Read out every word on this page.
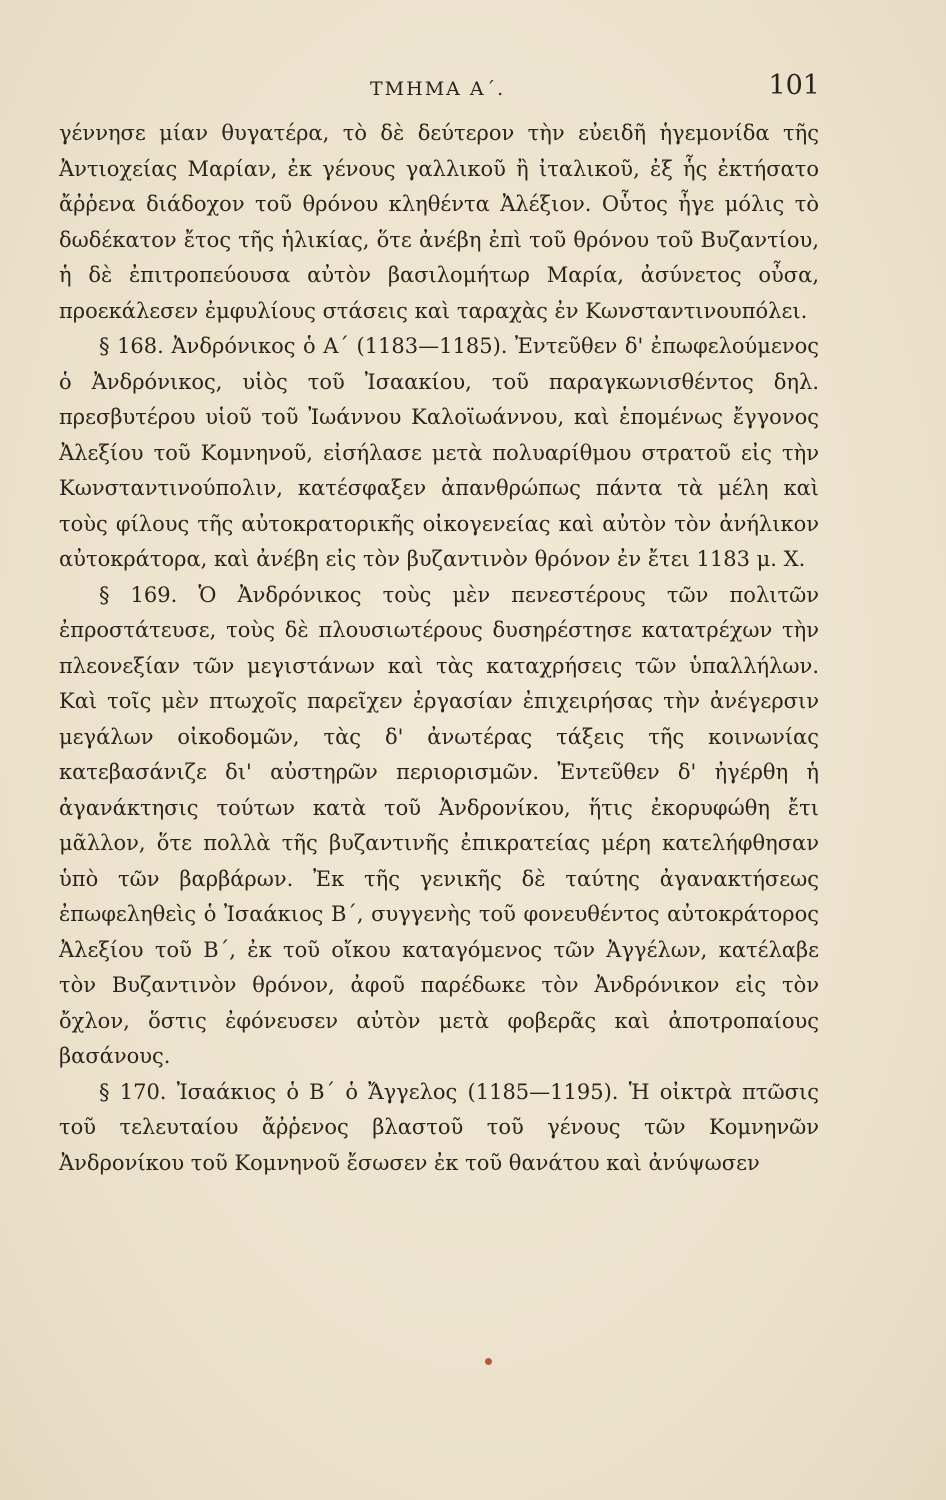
ΤΜΗΜΑ Α΄.	101

γέννησε μίαν θυγατέρα, τὸ δὲ δεύτερον τὴν εὐειδῆ ἡγεμονίδα τῆς Ἀντιοχείας Μαρίαν, ἐκ γένους γαλλικοῦ ἢ ἰταλικοῦ, ἐξ ἧς ἐκτήσατο ἄῤῥενα διάδοχον τοῦ θρόνου κληθέντα Ἀλέξιον. Οὗτος ἦγε μόλις τὸ δωδέκατον ἔτος τῆς ἡλικίας, ὅτε ἀνέβη ἐπὶ τοῦ θρόνου τοῦ Βυζαντίου, ἡ δὲ ἐπιτροπεύουσα αὐτὸν βασιλομήτωρ Μαρία, ἀσύνετος οὖσα, προεκάλεσεν ἐμφυλίους στάσεις καὶ ταραχὰς ἐν Κωνσταντινουπόλει.

§ 168. Ἀνδρόνικος ὁ Α΄ (1183—1185). Ἐντεῦθεν δ' ἐπωφελούμενος ὁ Ἀνδρόνικος, υἱὸς τοῦ Ἰσαακίου, τοῦ παραγκωνισθέντος δηλ. πρεσβυτέρου υἱοῦ τοῦ Ἰωάννου Καλοϊωάννου, καὶ ἑπομένως ἔγγονος Ἀλεξίου τοῦ Κομνηνοῦ, εἰσήλασε μετὰ πολυαρίθμου στρατοῦ εἰς τὴν Κωνσταντινούπολιν, κατέσφαξεν ἀπανθρώπως πάντα τὰ μέλη καὶ τοὺς φίλους τῆς αὐτοκρατορικῆς οἰκογενείας καὶ αὐτὸν τὸν ἀνήλικον αὐτοκράτορα, καὶ ἀνέβη εἰς τὸν βυζαντινὸν θρόνον ἐν ἔτει 1183 μ. Χ.

§ 169. Ὁ Ἀνδρόνικος τοὺς μὲν πενεστέρους τῶν πολιτῶν ἐπροστάτευσε, τοὺς δὲ πλουσιωτέρους δυσηρέστησε κατατρέχων τὴν πλεονεξίαν τῶν μεγιστάνων καὶ τὰς καταχρήσεις τῶν ὑπαλλήλων. Καὶ τοῖς μὲν πτωχοῖς παρεῖχεν ἐργασίαν ἐπιχειρήσας τὴν ἀνέγερσιν μεγάλων οἰκοδομῶν, τὰς δ' ἀνωτέρας τάξεις τῆς κοινωνίας κατεβασάνιζε δι' αὐστηρῶν περιορισμῶν. Ἐντεῦθεν δ' ἠγέρθη ἡ ἀγανάκτησις τούτων κατὰ τοῦ Ἀνδρονίκου, ἥτις ἐκορυφώθη ἔτι μᾶλλον, ὅτε πολλὰ τῆς βυζαντινῆς ἐπικρατείας μέρη κατελήφθησαν ὑπὸ τῶν βαρβάρων. Ἐκ τῆς γενικῆς δὲ ταύτης ἀγανακτήσεως ἐπωφεληθεὶς ὁ Ἰσαάκιος Β΄, συγγενὴς τοῦ φονευθέντος αὐτοκράτορος Ἀλεξίου τοῦ Β΄, ἐκ τοῦ οἴκου καταγόμενος τῶν Ἀγγέλων, κατέλαβε τὸν Βυζαντινὸν θρόνον, ἀφοῦ παρέδωκε τὸν Ἀνδρόνικον εἰς τὸν ὄχλον, ὅστις ἐφόνευσεν αὐτὸν μετὰ φοβερᾶς καὶ ἀποτροπαίους βασάνους.

§ 170. Ἰσαάκιος ὁ Β΄ ὁ Ἄγγελος (1185—1195). Ἡ οἰκτρὰ πτῶσις τοῦ τελευταίου ἄῤῥενος βλαστοῦ τοῦ γένους τῶν Κομνηνῶν Ἀνδρονίκου τοῦ Κομνηνοῦ ἔσωσεν ἐκ τοῦ θανάτου καὶ ἀνύψωσεν
